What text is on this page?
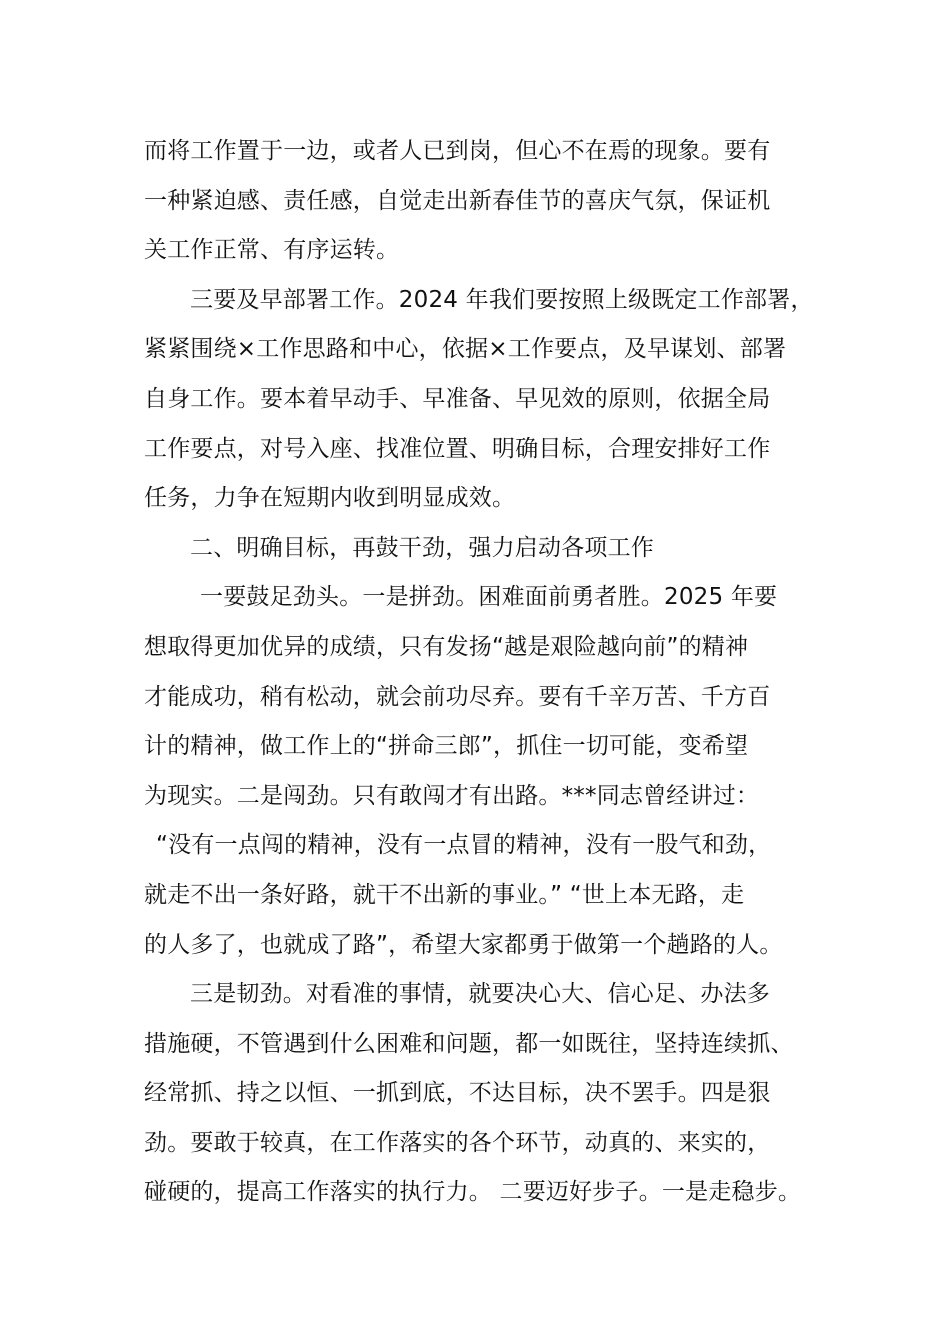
而将工作置于一边，或者人已到岗，但心不在焉的现象。要有
一种紧迫感、责任感，自觉走出新春佳节的喜庆气氛，保证机
关工作正常、有序运转。
三要及早部署工作。2024 年我们要按照上级既定工作部署，
紧紧围绕×工作思路和中心，依据×工作要点，及早谋划、部署
自身工作。要本着早动手、早准备、早见效的原则，依据全局
工作要点，对号入座、找准位置、明确目标，合理安排好工作
任务，力争在短期内收到明显成效。
二、明确目标，再鼓干劲，强力启动各项工作
一要鼓足劲头。一是拼劲。困难面前勇者胜。2025 年要
想取得更加优异的成绩，只有发扬“越是艰险越向前”的精神
才能成功，稍有松动，就会前功尽弃。要有千辛万苦、千方百
计的精神，做工作上的“拼命三郎”，抓住一切可能，变希望
为现实。二是闯劲。只有敢闯才有出路。***同志曾经讲过：
“没有一点闯的精神，没有一点冒的精神，没有一股气和劲，
就走不出一条好路，就干不出新的事业。” “世上本无路，走
的人多了，也就成了路”，希望大家都勇于做第一个趟路的人。
三是韧劲。对看准的事情，就要决心大、信心足、办法多
措施硬，不管遇到什么困难和问题，都一如既往，坚持连续抓、
经常抓、持之以恒、一抓到底，不达目标，决不罢手。四是狠
劲。要敢于较真，在工作落实的各个环节，动真的、来实的，
碰硬的，提高工作落实的执行力。 二要迈好步子。一是走稳步。
